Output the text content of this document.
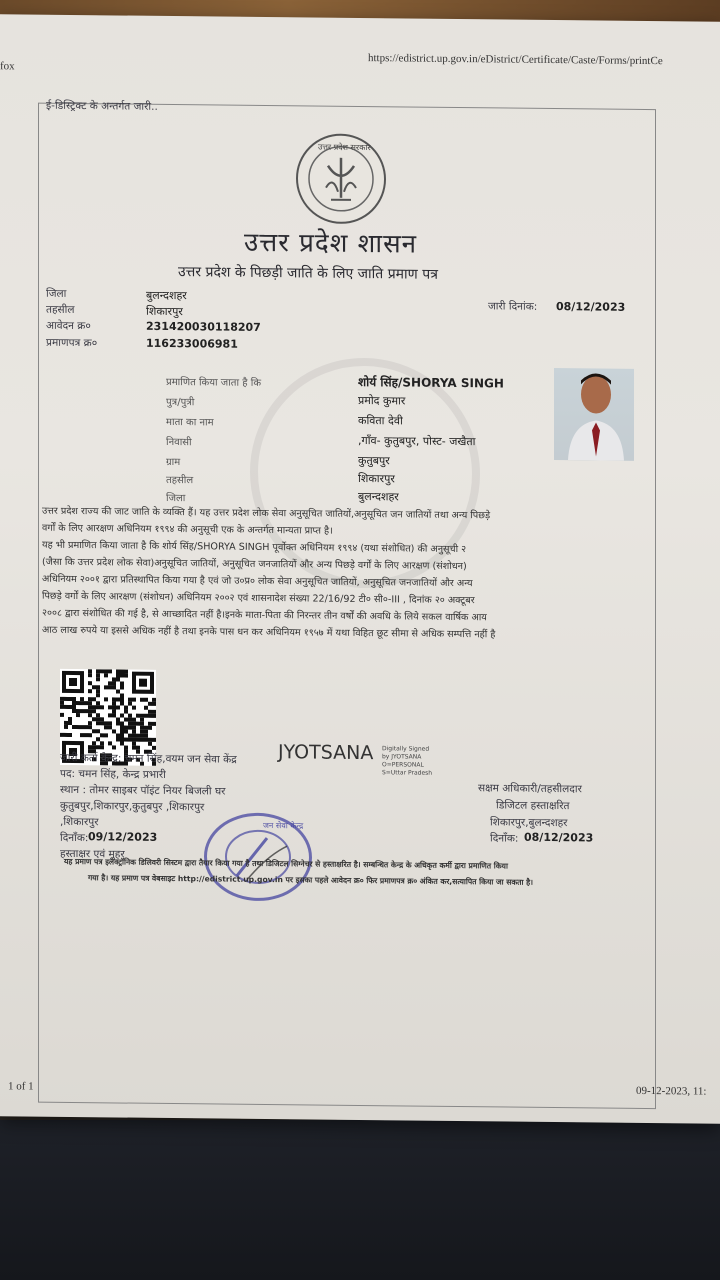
fox	https://edistrict.up.gov.in/eDistrict/Certificate/Caste/Forms/printCe
1 of 1	09-12-2023, 11:
ई-डिस्ट्रिक्ट के अन्तर्गत जारी..
उत्तर प्रदेश सरकार
उत्तर प्रदेश शासन
उत्तर प्रदेश के पिछड़ी जाति के लिए जाति प्रमाण पत्र
जारी दिनांक: 08/12/2023
जिला	बुलन्दशहर
तहसील	शिकारपुर
आवेदन क्र०	231420030118207
प्रमाणपत्र क्र०	116233006981
प्रमाणित किया जाता है कि	शोर्य सिंह/SHORYA SINGH
पुत्र/पुत्री	प्रमोद कुमार
माता का नाम	कविता देवी
निवासी	,गाँव- कुतुबपुर, पोस्ट- जखैता
ग्राम	कुतुबपुर
तहसील	शिकारपुर
जिला	बुलन्दशहर
उत्तर प्रदेश राज्य की जाट जाति के व्यक्ति हैं। यह उत्तर प्रदेश लोक सेवा अनुसूचित जातियों,अनुसूचित जन जातियों तथा अन्य पिछड़े
वर्गों के लिए आरक्षण अधिनियम १९९४ की अनुसूची एक के अन्तर्गत मान्यता प्राप्त है।
यह भी प्रमाणित किया जाता है कि शोर्य सिंह/SHORYA SINGH पूर्वोक्त अधिनियम १९९४ (यथा संशोधित) की अनुसूची २
(जैसा कि उत्तर प्रदेश लोक सेवा)अनुसूचित जातियों, अनुसूचित जनजातियों और अन्य पिछड़े वर्गों के लिए आरक्षण (संशोधन)
अधिनियम २००१ द्वारा प्रतिस्थापित किया गया है एवं जो उ०प्र० लोक सेवा अनुसूचित जातियों, अनुसूचित जनजातियों और अन्य
पिछड़े वर्गों के लिए आरक्षण (संशोधन) अधिनियम २००२ एवं शासनादेश संख्या 22/16/92 टी० सी०-III , दिनांक २० अक्टूबर
२००८ द्वारा संशोधित की गई है, से आच्छादित नहीं है।इनके माता-पिता की निरन्तर तीन वर्षों की अवधि के लिये सकल वार्षिक आय
आठ लाख रुपये या इससे अधिक नहीं है तथा इनके पास धन कर अधिनियम १९५७ में यथा विहित छूट सीमा से अधिक सम्पत्ति नहीं है
जारी कर्ता केन्द्र: चमन सिंह,वयम जन सेवा केंद्र JYOTSANA Digitally Signed
by JYOTSANA
O=PERSONAL
S=Uttar Pradesh
पद: चमन सिंह, केन्द्र प्रभारी
स्थान : तोमर साइबर पॉइंट नियर बिजली घर
कुतुबपुर,शिकारपुर,कुतुबपुर ,शिकारपुर
,शिकारपुर
दिनाँक: 09/12/2023
हस्ताक्षर एवं मुहर
सक्षम अधिकारी/तहसीलदार
डिजिटल हस्ताक्षरित
शिकारपुर,बुलन्दशहर
दिनाँक: 08/12/2023
जन सेवा केन्द्र
यह प्रमाण पत्र इलेक्ट्रॉनिक डिलिवरी सिस्टम द्वारा तैयार किया गया है तथा डिजिटल सिग्नेचर से हस्ताक्षरित है। सम्बन्धित केन्द्र के अधिकृत कर्मी द्वारा प्रमाणित किया
गया है। यह प्रमाण पत्र वेबसाइट http://edistrict.up.gov.in पर इसका पहले आवेदन क्र० फिर प्रमाणपत्र क्र० अंकित कर,सत्यापित किया जा सकता है।
